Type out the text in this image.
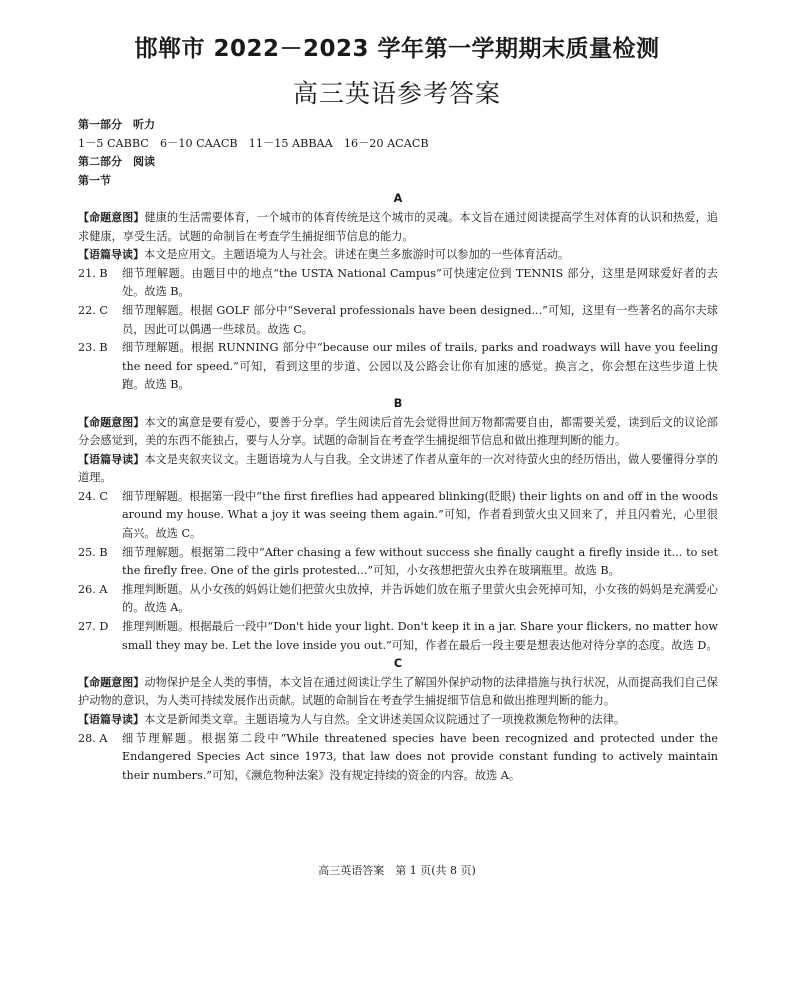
邯郸市 2022－2023 学年第一学期期末质量检测
高三英语参考答案

第一部分　听力

1－5 CABBC　6－10 CAACB　11－15 ABBAA　16－20 ACACB

第二部分　阅读

第一节

A

【命题意图】健康的生活需要体育，一个城市的体育传统是这个城市的灵魂。本文旨在通过阅读提高学生对体育的认识和热爱，追求健康，享受生活。试题的命制旨在考查学生捕捉细节信息的能力。

【语篇导读】本文是应用文。主题语境为人与社会。讲述在奥兰多旅游时可以参加的一些体育活动。

21. B	细节理解题。由题目中的地点“the USTA National Campus”可快速定位到 TENNIS 部分，这里是网球爱好者的去处。故选 B。
22. C	细节理解题。根据 GOLF 部分中“Several professionals have been designed...”可知，这里有一些著名的高尔夫球员，因此可以偶遇一些球员。故选 C。
23. B	细节理解题。根据 RUNNING 部分中“because our miles of trails, parks and roadways will have you feeling the need for speed.”可知，看到这里的步道、公园以及公路会让你有加速的感觉。换言之，你会想在这些步道上快跑。故选 B。

B

【命题意图】本文的寓意是要有爱心，要善于分享。学生阅读后首先会觉得世间万物都需要自由，都需要关爱，读到后文的议论部分会感觉到，美的东西不能独占，要与人分享。试题的命制旨在考查学生捕捉细节信息和做出推理判断的能力。

【语篇导读】本文是夹叙夹议文。主题语境为人与自我。全文讲述了作者从童年的一次对待萤火虫的经历悟出，做人要懂得分享的道理。

24. C	细节理解题。根据第一段中“the first fireflies had appeared blinking(眨眼) their lights on and off in the woods around my house. What a joy it was seeing them again.”可知，作者看到萤火虫又回来了，并且闪着光，心里很高兴。故选 C。
25. B	细节理解题。根据第二段中“After chasing a few without success she finally caught a firefly inside it... to set the firefly free. One of the girls protested...”可知，小女孩想把萤火虫养在玻璃瓶里。故选 B。
26. A	推理判断题。从小女孩的妈妈让她们把萤火虫放掉，并告诉她们放在瓶子里萤火虫会死掉可知，小女孩的妈妈是充满爱心的。故选 A。
27. D	推理判断题。根据最后一段中“Don't hide your light. Don't keep it in a jar. Share your flickers, no matter how small they may be. Let the love inside you out.”可知，作者在最后一段主要是想表达他对待分享的态度。故选 D。

C

【命题意图】动物保护是全人类的事情，本文旨在通过阅读让学生了解国外保护动物的法律措施与执行状况，从而提高我们自己保护动物的意识，为人类可持续发展作出贡献。试题的命制旨在考查学生捕捉细节信息和做出推理判断的能力。

【语篇导读】本文是新闻类文章。主题语境为人与自然。全文讲述美国众议院通过了一项挽救濒危物种的法律。

28. A	细节理解题。根据第二段中“While threatened species have been recognized and protected under the Endangered Species Act since 1973, that law does not provide constant funding to actively maintain their numbers.”可知，《濒危物种法案》没有规定持续的资金的内容。故选 A。
高三英语答案　第 1 页(共 8 页)
